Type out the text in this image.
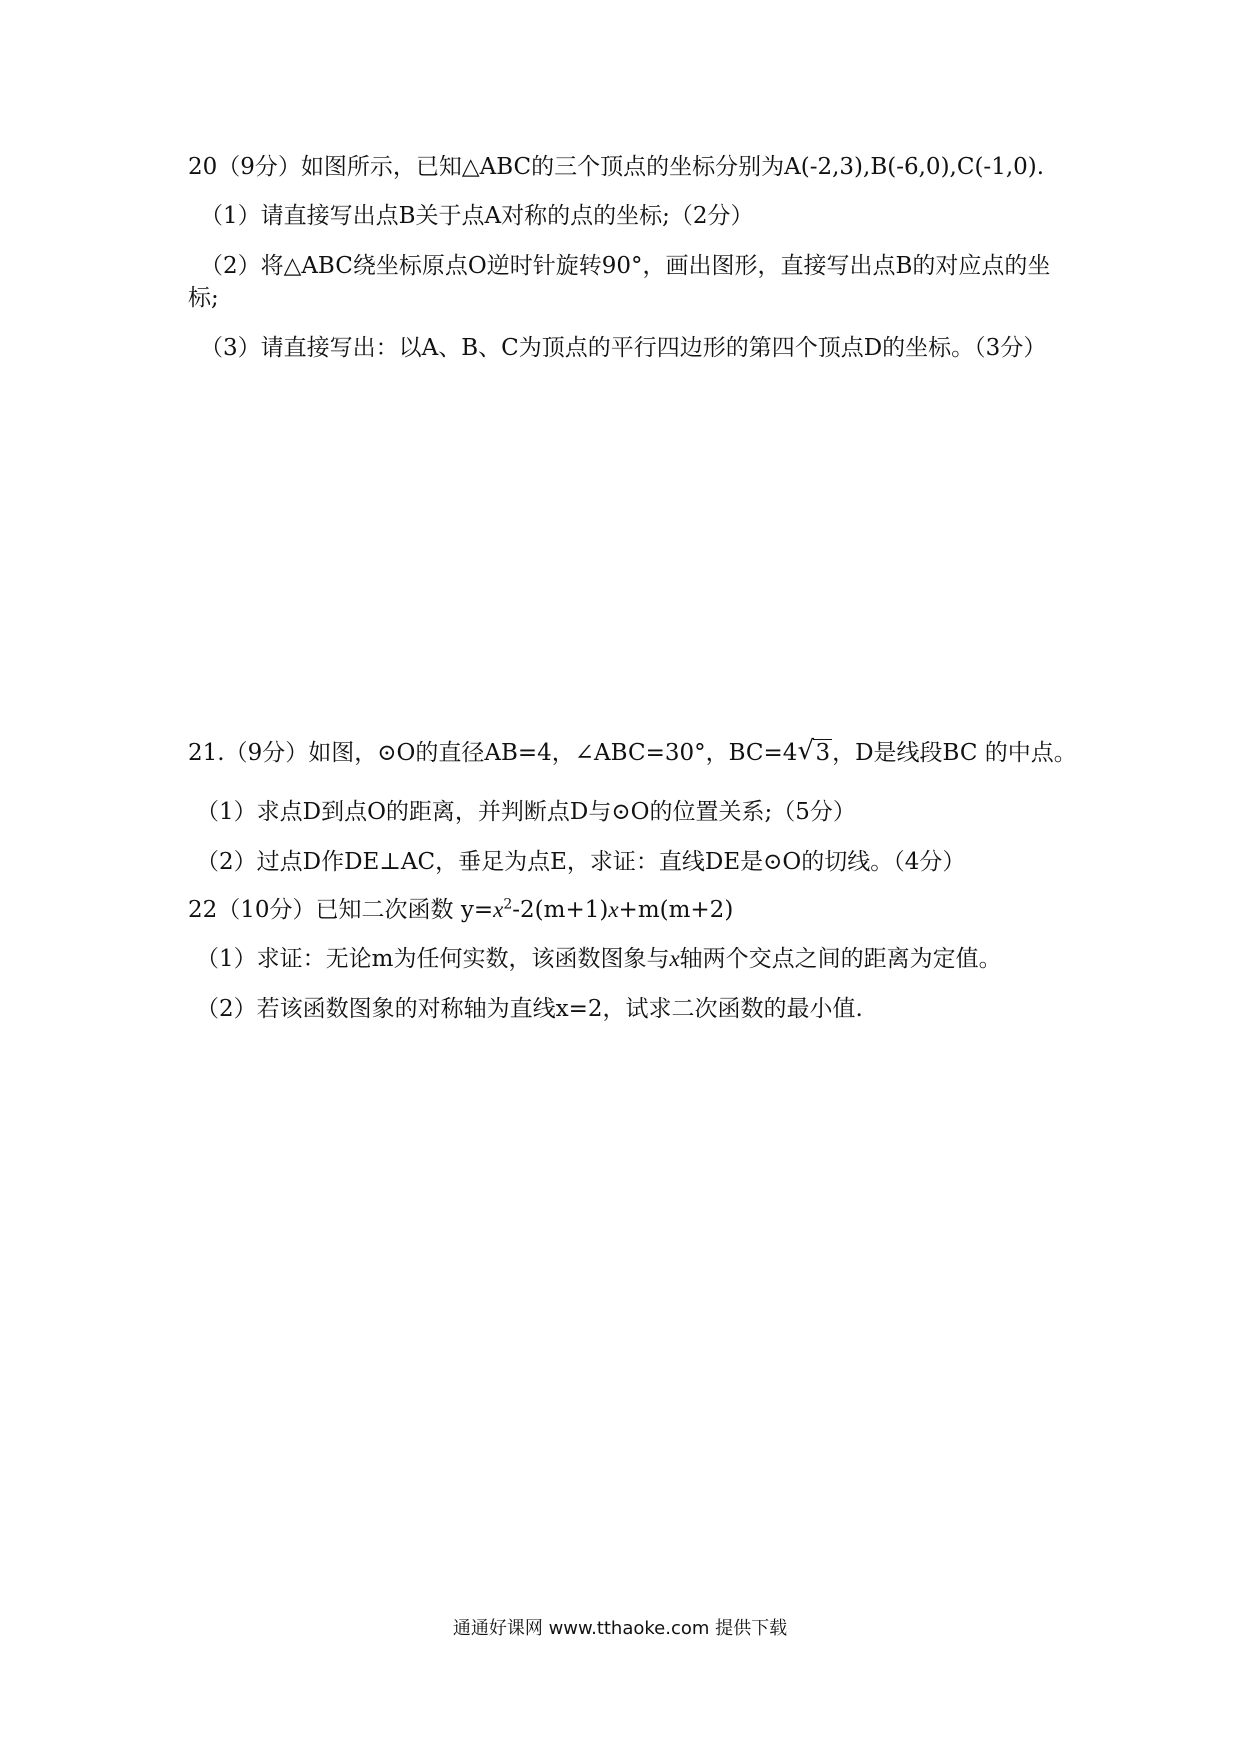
20（9分）如图所示，已知△ABC的三个顶点的坐标分别为A(-2,3),B(-6,0),C(-1,0).
（1）请直接写出点B关于点A对称的点的坐标;（2分）
（2）将△ABC绕坐标原点O逆时针旋转90°，画出图形，直接写出点B的对应点的坐
标;
（3）请直接写出：以A、B、C为顶点的平行四边形的第四个顶点D的坐标。（3分）
21.（9分）如图，⊙O的直径AB=4，∠ABC=30°，BC=4 √ 3，D是线段BC 的中点。
（1）求点D到点O的距离，并判断点D与⊙O的位置关系;（5分）
（2）过点D作DE⊥AC，垂足为点E，求证：直线DE是⊙O的切线。（4分）
22（10分）已知二次函数 $y=x^2-2(m+1)x+m(m+2)$
（1）求证：无论m为任何实数，该函数图象与x轴两个交点之间的距离为定值。
（2）若该函数图象的对称轴为直线x=2，试求二次函数的最小值.
通通好课网 www.tthaoke.com 提供下载
